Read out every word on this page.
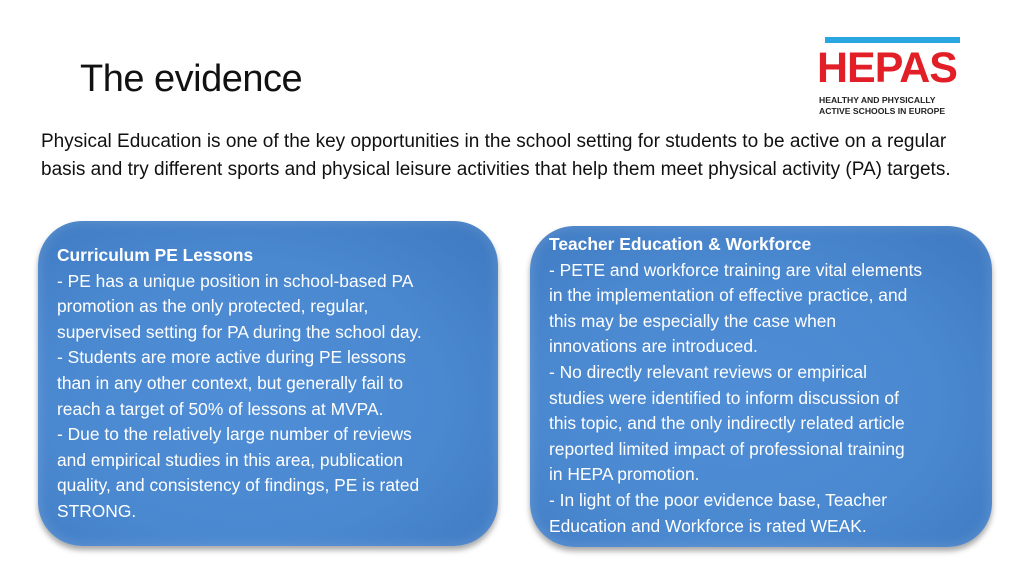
The evidence	HEPAS
HEALTHY AND PHYSICALLY
ACTIVE SCHOOLS IN EUROPE

Physical Education is one of the key opportunities in the school setting for students to be active on a regular basis and try different sports and physical leisure activities that help them meet physical activity (PA) targets.

Curriculum PE Lessons
- PE has a unique position in school-based PA
promotion as the only protected, regular,
supervised setting for PA during the school day.
- Students are more active during PE lessons
than in any other context, but generally fail to
reach a target of 50% of lessons at MVPA.
- Due to the relatively large number of reviews
and empirical studies in this area, publication
quality, and consistency of findings, PE is rated
STRONG.
Teacher Education & Workforce
- PETE and workforce training are vital elements
in the implementation of effective practice, and
this may be especially the case when
innovations are introduced.
- No directly relevant reviews or empirical
studies were identified to inform discussion of
this topic, and the only indirectly related article
reported limited impact of professional training
in HEPA promotion.
- In light of the poor evidence base, Teacher
Education and Workforce is rated WEAK.
